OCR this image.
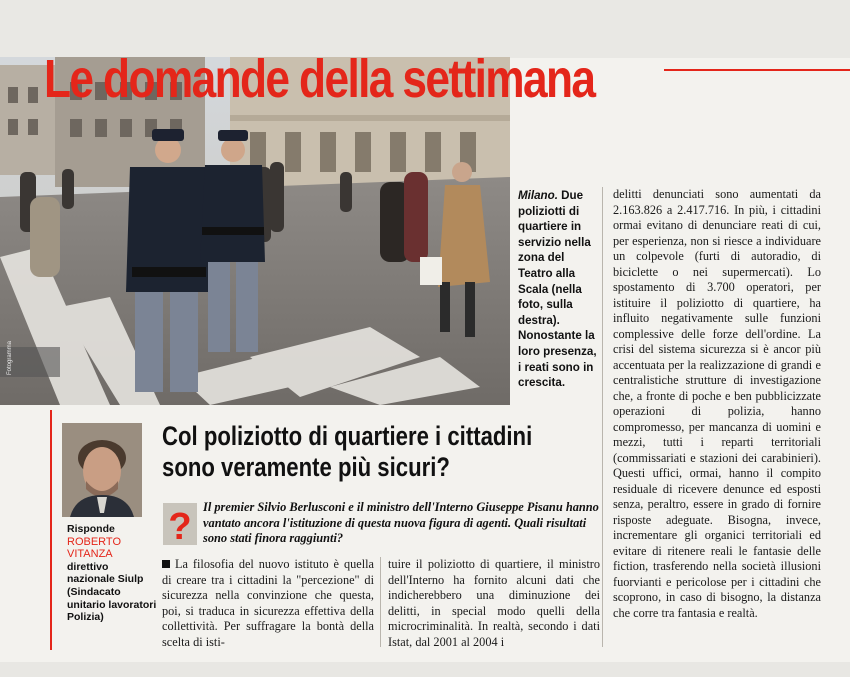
Fotogramma
Le domande della settimana
Milano. Due poliziotti di quartiere in servizio nella zona del Teatro alla Scala (nella foto, sulla destra). Nonostante la loro presenza, i reati sono in crescita.

delitti denunciati sono aumentati da 2.163.826 a 2.417.716. In più, i cittadini ormai evitano di denunciare reati di cui, per esperienza, non si riesce a individuare un colpevole (furti di autoradio, di biciclette o nei supermercati). Lo spostamento di 3.700 operatori, per istituire il poliziotto di quartiere, ha influito negativamente sulle funzioni complessive delle forze dell'ordine. La crisi del sistema sicurezza si è ancor più accentuata per la realizzazione di grandi e centralistiche strutture di investigazione che, a fronte di poche e ben pubblicizzate operazioni di polizia, hanno compromesso, per mancanza di uomini e mezzi, tutti i reparti territoriali (commissariati e stazioni dei carabinieri). Questi uffici, ormai, hanno il compito residuale di ricevere denunce ed esposti senza, peraltro, essere in grado di fornire risposte adeguate. Bisogna, invece, incrementare gli organici territoriali ed evitare di ritenere reali le fantasie delle fiction, trasferendo nella società illusioni fuorvianti e pericolose per i cittadini che scoprono, in caso di bisogno, la distanza che corre tra fantasia e realtà.

Risponde
ROBERTO
VITANZA
direttivo nazionale Siulp (Sindacato unitario lavoratori Polizia)
Col poliziotto di quartiere i cittadini
sono veramente più sicuri?
? Il premier Silvio Berlusconi e il ministro dell'Interno Giuseppe Pisanu hanno vantato ancora l'istituzione di questa nuova figura di agenti. Quali risultati sono stati finora raggiunti?

La filosofia del nuovo istituto è quella di creare tra i cittadini la "percezione" di sicurezza nella convinzione che questa, poi, si traduca in sicurezza effettiva della collettività. Per suffragare la bontà della scelta di isti-

tuire il poliziotto di quartiere, il ministro dell'Interno ha fornito alcuni dati che indicherebbero una diminuzione dei delitti, in special modo quelli della microcriminalità. In realtà, secondo i dati Istat, dal 2001 al 2004 i
